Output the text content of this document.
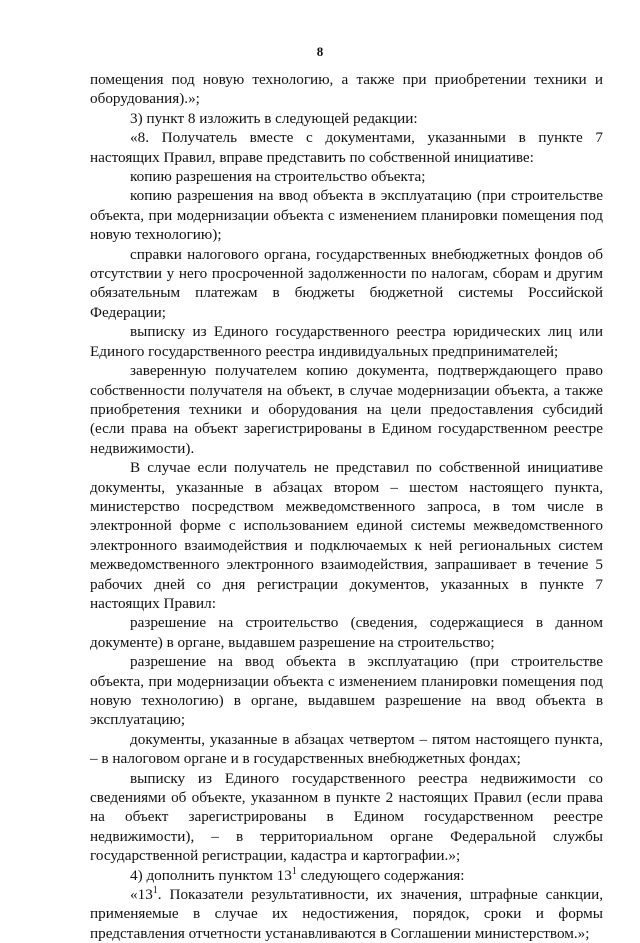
8

помещения под новую технологию, а также при приобретении техники и оборудования).»;

3) пункт 8 изложить в следующей редакции:

«8. Получатель вместе с документами, указанными в пункте 7 настоящих Правил, вправе представить по собственной инициативе:

копию разрешения на строительство объекта;

копию разрешения на ввод объекта в эксплуатацию (при строительстве объекта, при модернизации объекта с изменением планировки помещения под новую технологию);

справки налогового органа, государственных внебюджетных фондов об отсутствии у него просроченной задолженности по налогам, сборам и другим обязательным платежам в бюджеты бюджетной системы Российской Федерации;

выписку из Единого государственного реестра юридических лиц или Единого государственного реестра индивидуальных предпринимателей;

заверенную получателем копию документа, подтверждающего право собственности получателя на объект, в случае модернизации объекта, а также приобретения техники и оборудования на цели предоставления субсидий (если права на объект зарегистрированы в Едином государственном реестре недвижимости).

В случае если получатель не представил по собственной инициативе документы, указанные в абзацах втором – шестом настоящего пункта, министерство посредством межведомственного запроса, в том числе в электронной форме с использованием единой системы межведомственного электронного взаимодействия и подключаемых к ней региональных систем межведомственного электронного взаимодействия, запрашивает в течение 5 рабочих дней со дня регистрации документов, указанных в пункте 7 настоящих Правил:

разрешение на строительство (сведения, содержащиеся в данном документе) в органе, выдавшем разрешение на строительство;

разрешение на ввод объекта в эксплуатацию (при строительстве объекта, при модернизации объекта с изменением планировки помещения под новую технологию) в органе, выдавшем разрешение на ввод объекта в эксплуатацию;

документы, указанные в абзацах четвертом – пятом настоящего пункта, – в налоговом органе и в государственных внебюджетных фондах;

выписку из Единого государственного реестра недвижимости со сведениями об объекте, указанном в пункте 2 настоящих Правил (если права на объект зарегистрированы в Едином государственном реестре недвижимости), – в территориальном органе Федеральной службы государственной регистрации, кадастра и картографии.»;

4) дополнить пунктом $13^1$ следующего содержания:

«$13^1$. Показатели результативности, их значения, штрафные санкции, применяемые в случае их недостижения, порядок, сроки и формы представления отчетности устанавливаются в Соглашении министерством.»;
